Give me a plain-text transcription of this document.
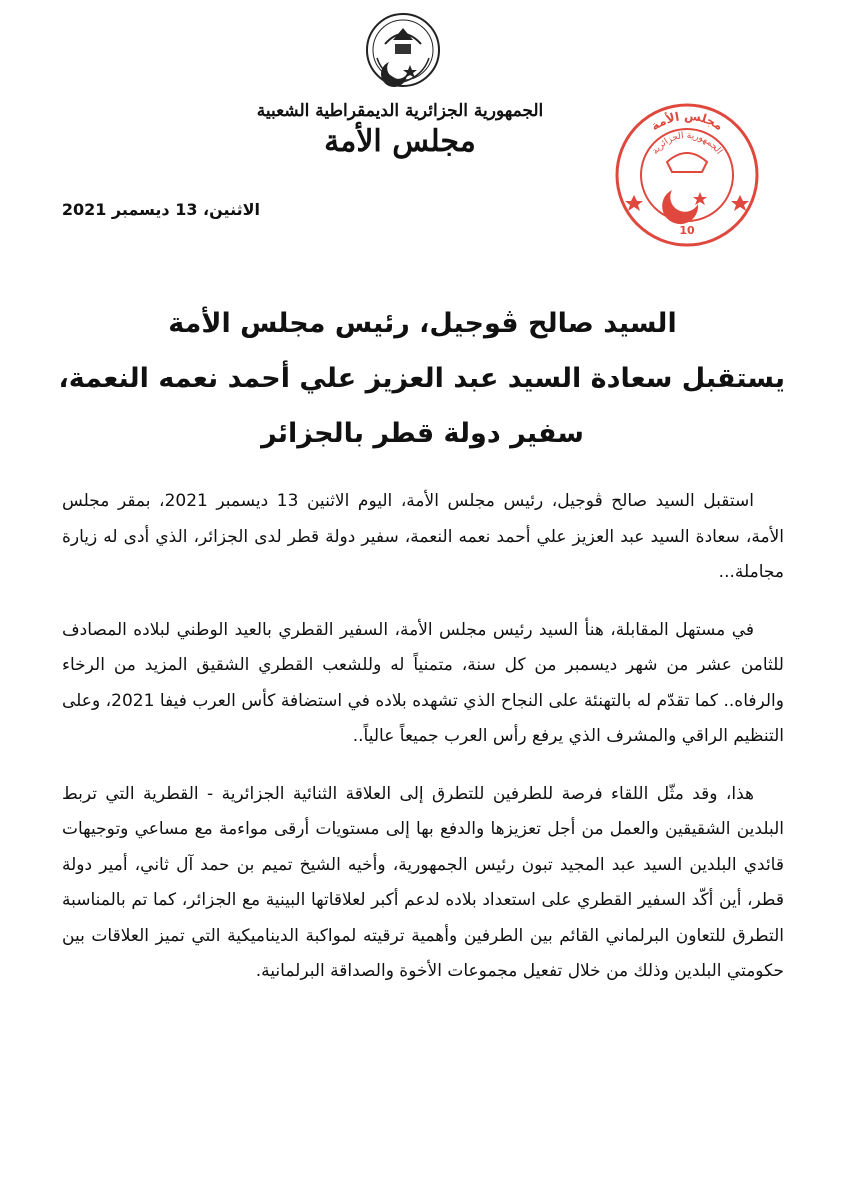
الجمهورية الجزائرية الديمقراطية الشعبية
مجلس الأمة	مجلس الأمة
الجمهورية الجزائرية
10
الاثنين، 13 ديسمبر 2021
السيد صالح ڤوجيل، رئيس مجلس الأمة
يستقبل سعادة السيد عبد العزيز علي أحمد نعمه النعمة،
سفير دولة قطر بالجزائر

استقبل السيد صالح ڤوجيل، رئيس مجلس الأمة، اليوم الاثنين 13 ديسمبر 2021، بمقر مجلس الأمة، سعادة السيد عبد العزيز علي أحمد نعمه النعمة، سفير دولة قطر لدى الجزائر، الذي أدى له زيارة مجاملة...

في مستهل المقابلة، هنأ السيد رئيس مجلس الأمة، السفير القطري بالعيد الوطني لبلاده المصادف للثامن عشر من شهر ديسمبر من كل سنة، متمنياً له وللشعب القطري الشقيق المزيد من الرخاء والرفاه.. كما تقدّم له بالتهنئة على النجاح الذي تشهده بلاده في استضافة كأس العرب فيفا 2021، وعلى التنظيم الراقي والمشرف الذي يرفع رأس العرب جميعاً عالياً..

هذا، وقد مثّل اللقاء فرصة للطرفين للتطرق إلى العلاقة الثنائية الجزائرية - القطرية التي تربط البلدين الشقيقين والعمل من أجل تعزيزها والدفع بها إلى مستويات أرقى مواءمة مع مساعي وتوجيهات قائدي البلدين السيد عبد المجيد تبون رئيس الجمهورية، وأخيه الشيخ تميم بن حمد آل ثاني، أمير دولة قطر، أين أكّد السفير القطري على استعداد بلاده لدعم أكبر لعلاقاتها البينية مع الجزائر، كما تم بالمناسبة التطرق للتعاون البرلماني القائم بين الطرفين وأهمية ترقيته لمواكبة الديناميكية التي تميز العلاقات بين حكومتي البلدين وذلك من خلال تفعيل مجموعات الأخوة والصداقة البرلمانية.
